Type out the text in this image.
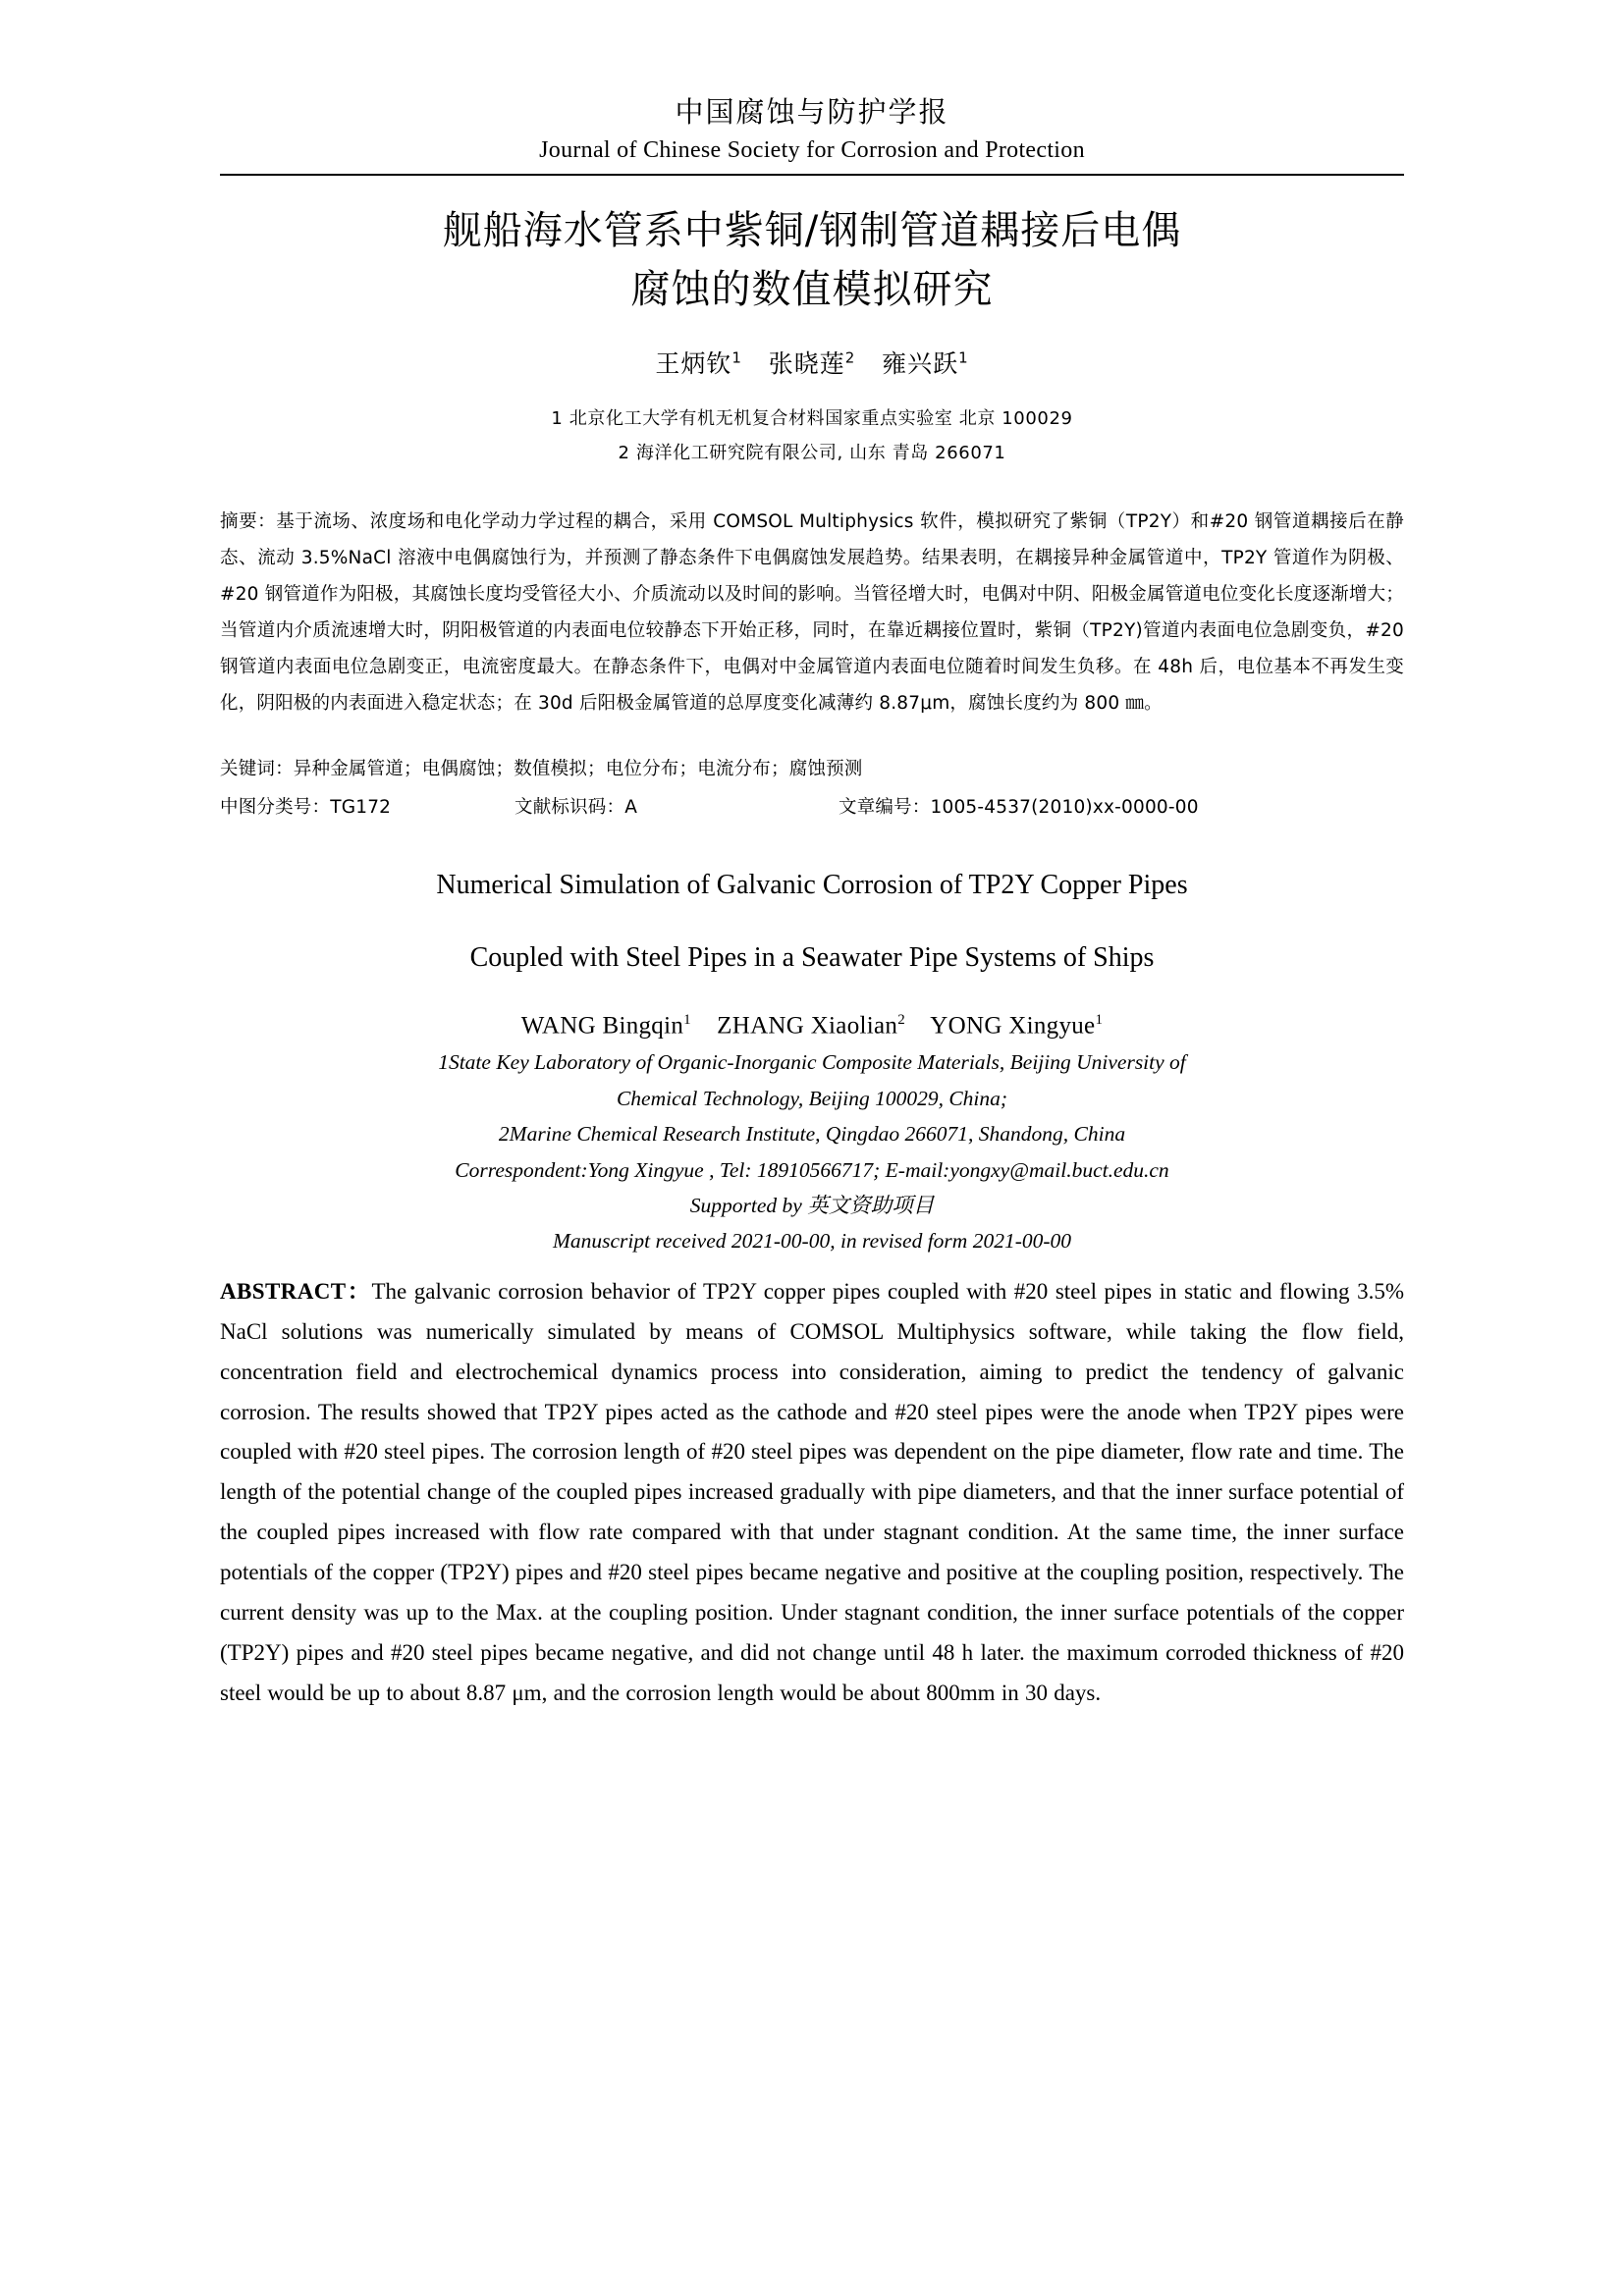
中国腐蚀与防护学报
Journal of Chinese Society for Corrosion and Protection
舰船海水管系中紫铜/钢制管道耦接后电偶
腐蚀的数值模拟研究
王炳钦$^1$ 张晓莲$^2$ 雍兴跃$^1$
1 北京化工大学有机无机复合材料国家重点实验室 北京 100029
2 海洋化工研究院有限公司, 山东 青岛 266071
摘要：基于流场、浓度场和电化学动力学过程的耦合，采用 COMSOL Multiphysics 软件，模拟研究了紫铜（TP2Y）和#20 钢管道耦接后在静态、流动 3.5%NaCl 溶液中电偶腐蚀行为，并预测了静态条件下电偶腐蚀发展趋势。结果表明，在耦接异种金属管道中，TP2Y 管道作为阴极、#20 钢管道作为阳极，其腐蚀长度均受管径大小、介质流动以及时间的影响。当管径增大时，电偶对中阴、阳极金属管道电位变化长度逐渐增大；当管道内介质流速增大时，阴阳极管道的内表面电位较静态下开始正移，同时，在靠近耦接位置时，紫铜（TP2Y)管道内表面电位急剧变负，#20 钢管道内表面电位急剧变正，电流密度最大。在静态条件下，电偶对中金属管道内表面电位随着时间发生负移。在 48h 后，电位基本不再发生变化，阴阳极的内表面进入稳定状态；在 30d 后阳极金属管道的总厚度变化减薄约 8.87μm，腐蚀长度约为 800 ㎜。
关键词：异种金属管道；电偶腐蚀；数值模拟；电位分布；电流分布；腐蚀预测
中图分类号：TG172	文献标识码：A	文章编号：1005-4537(2010)xx-0000-00
Numerical Simulation of Galvanic Corrosion of TP2Y Copper Pipes
Coupled with Steel Pipes in a Seawater Pipe Systems of Ships
WANG Bingqin$^1$ ZHANG Xiaolian$^2$ YONG Xingyue$^1$
1State Key Laboratory of Organic-Inorganic Composite Materials, Beijing University of
Chemical Technology, Beijing 100029, China;
2Marine Chemical Research Institute, Qingdao 266071, Shandong, China
Correspondent:Yong Xingyue , Tel: 18910566717; E-mail:yongxy@mail.buct.edu.cn
Supported by 英文资助项目
Manuscript received 2021-00-00, in revised form 2021-00-00
ABSTRACT：The galvanic corrosion behavior of TP2Y copper pipes coupled with #20 steel pipes in static and flowing 3.5% NaCl solutions was numerically simulated by means of COMSOL Multiphysics software, while taking the flow field, concentration field and electrochemical dynamics process into consideration, aiming to predict the tendency of galvanic corrosion. The results showed that TP2Y pipes acted as the cathode and #20 steel pipes were the anode when TP2Y pipes were coupled with #20 steel pipes. The corrosion length of #20 steel pipes was dependent on the pipe diameter, flow rate and time. The length of the potential change of the coupled pipes increased gradually with pipe diameters, and that the inner surface potential of the coupled pipes increased with flow rate compared with that under stagnant condition. At the same time, the inner surface potentials of the copper (TP2Y) pipes and #20 steel pipes became negative and positive at the coupling position, respectively. The current density was up to the Max. at the coupling position. Under stagnant condition, the inner surface potentials of the copper (TP2Y) pipes and #20 steel pipes became negative, and did not change until 48 h later. the maximum corroded thickness of #20 steel would be up to about 8.87 μm, and the corrosion length would be about 800mm in 30 days.
